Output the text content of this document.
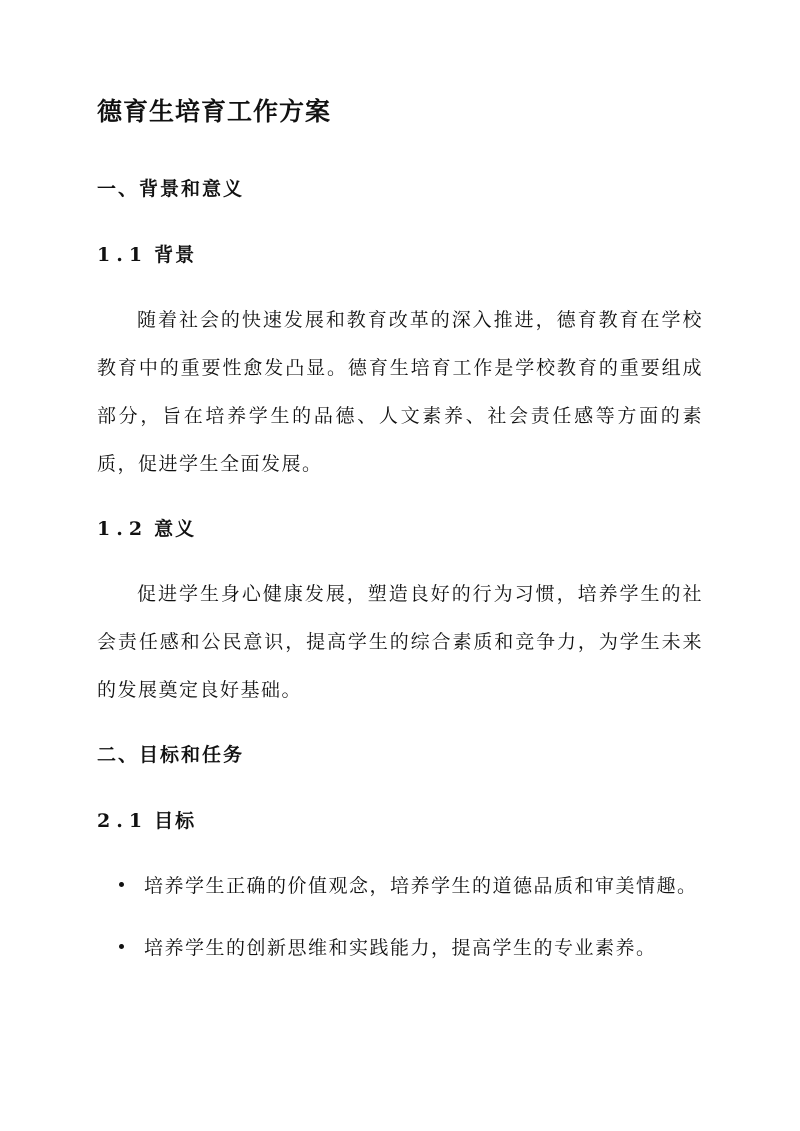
德育生培育工作方案
一、背景和意义
1.1 背景

随着社会的快速发展和教育改革的深入推进，德育教育在学校教育中的重要性愈发凸显。德育生培育工作是学校教育的重要组成部分，旨在培养学生的品德、人文素养、社会责任感等方面的素质，促进学生全面发展。

1.2 意义

促进学生身心健康发展，塑造良好的行为习惯，培养学生的社会责任感和公民意识，提高学生的综合素质和竞争力，为学生未来的发展奠定良好基础。

二、目标和任务
2.1 目标
培养学生正确的价值观念，培养学生的道德品质和审美情趣。
培养学生的创新思维和实践能力，提高学生的专业素养。
